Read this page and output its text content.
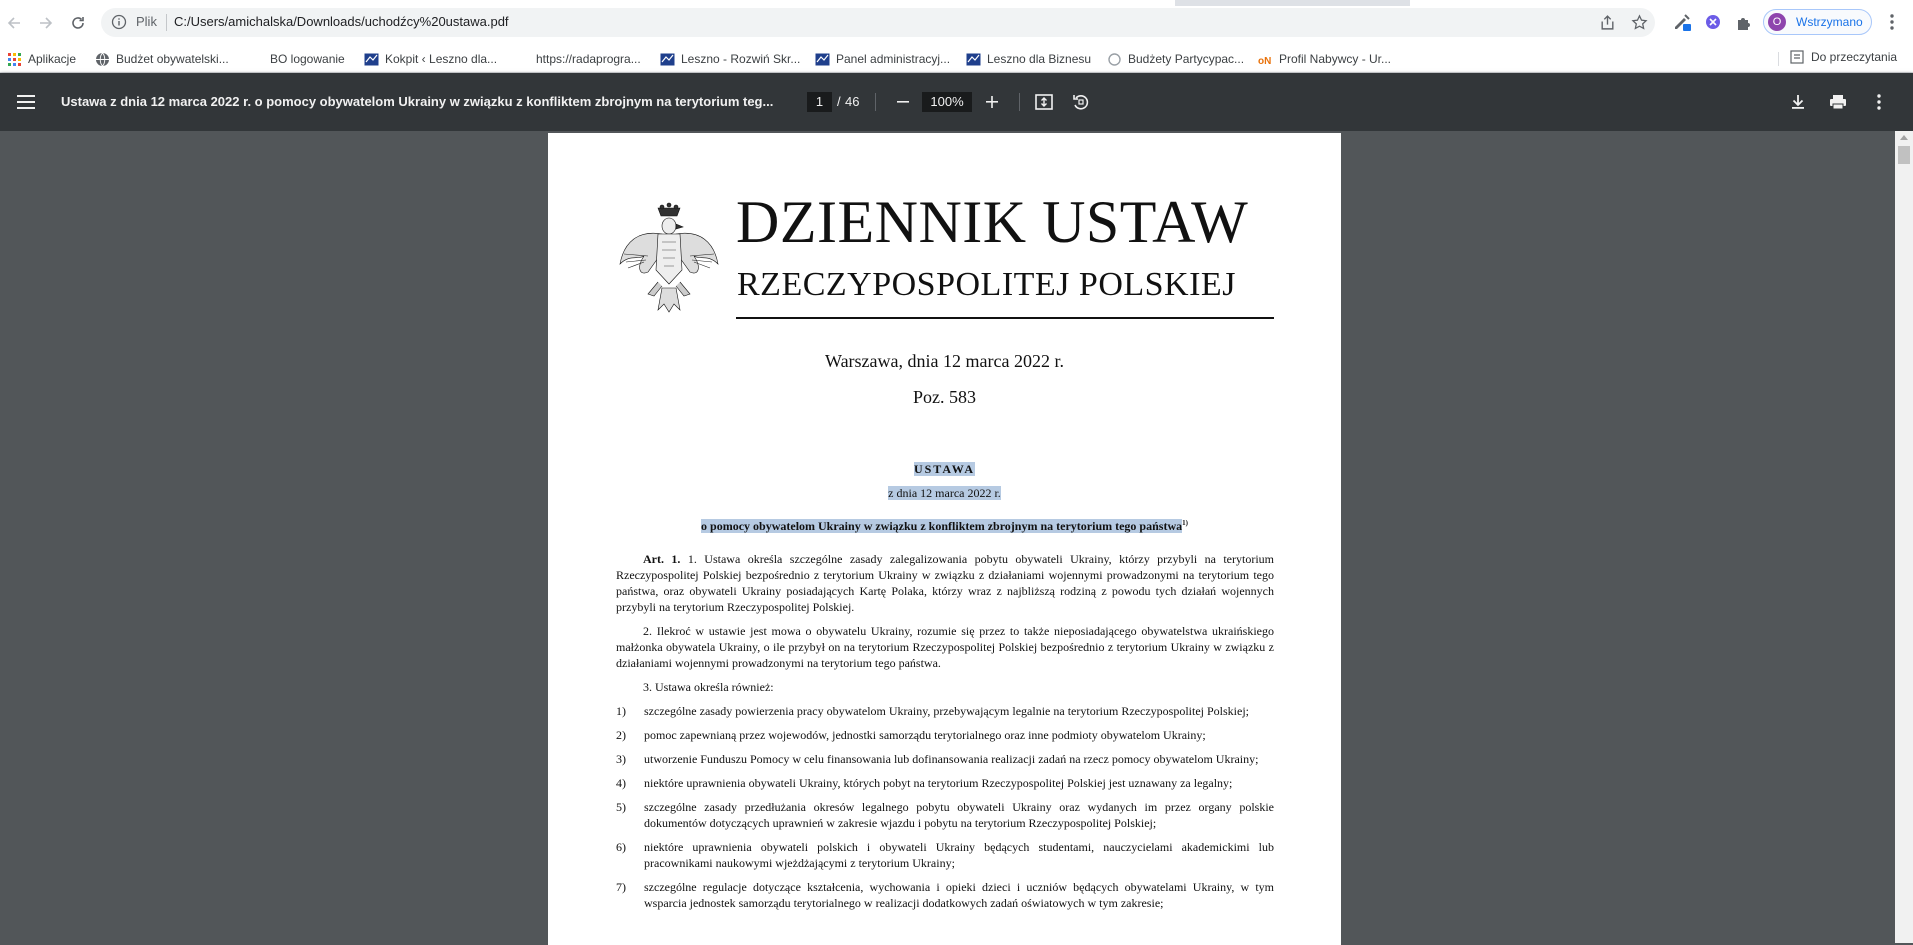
Plik C:/Users/amichalska/Downloads/uchodźcy%20ustawa.pdf	O	Wstrzymano
Aplikacje	Budżet obywatelski...	BO logowanie	Kokpit ‹ Leszno dla...	https://radaprogra...	Leszno - Rozwiń Skr...	Panel administracyj...	Leszno dla Biznesu	Budżety Partycypac... oN Profil Nabywcy - Ur...	Do przeczytania
Ustawa z dnia 12 marca 2022 r. o pomocy obywatelom Ukrainy w związku z konfliktem zbrojnym na terytorium teg...	1	/ 46	100%
DZIENNIK USTAW
RZECZYPOSPOLITEJ POLSKIEJ
Warszawa, dnia 12 marca 2022 r.
Poz. 583
USTAWA
z dnia 12 marca 2022 r.
o pomocy obywatelom Ukrainy w związku z konfliktem zbrojnym na terytorium tego państwa$^{1)}$

Art. 1. 1. Ustawa określa szczególne zasady zalegalizowania pobytu obywateli Ukrainy, którzy przybyli na terytorium Rzeczypospolitej Polskiej bezpośrednio z terytorium Ukrainy w związku z działaniami wojennymi prowadzonymi na terytorium tego państwa, oraz obywateli Ukrainy posiadających Kartę Polaka, którzy wraz z najbliższą rodziną z powodu tych działań wojennych przybyli na terytorium Rzeczypospolitej Polskiej.

2. Ilekroć w ustawie jest mowa o obywatelu Ukrainy, rozumie się przez to także nieposiadającego obywatelstwa ukraińskiego małżonka obywatela Ukrainy, o ile przybył on na terytorium Rzeczypospolitej Polskiej bezpośrednio z terytorium Ukrainy w związku z działaniami wojennymi prowadzonymi na terytorium tego państwa.

3. Ustawa określa również:

1)	szczególne zasady powierzenia pracy obywatelom Ukrainy, przebywającym legalnie na terytorium Rzeczypospolitej Polskiej;
2)	pomoc zapewnianą przez wojewodów, jednostki samorządu terytorialnego oraz inne podmioty obywatelom Ukrainy;
3)	utworzenie Funduszu Pomocy w celu finansowania lub dofinansowania realizacji zadań na rzecz pomocy obywatelom Ukrainy;
4)	niektóre uprawnienia obywateli Ukrainy, których pobyt na terytorium Rzeczypospolitej Polskiej jest uznawany za legalny;
5)	szczególne zasady przedłużania okresów legalnego pobytu obywateli Ukrainy oraz wydanych im przez organy polskie dokumentów dotyczących uprawnień w zakresie wjazdu i pobytu na terytorium Rzeczypospolitej Polskiej;
6)	niektóre uprawnienia obywateli polskich i obywateli Ukrainy będących studentami, nauczycielami akademickimi lub pracownikami naukowymi wjeżdżającymi z terytorium Ukrainy;
7)	szczególne regulacje dotyczące kształcenia, wychowania i opieki dzieci i uczniów będących obywatelami Ukrainy, w tym wsparcia jednostek samorządu terytorialnego w realizacji dodatkowych zadań oświatowych w tym zakresie;
